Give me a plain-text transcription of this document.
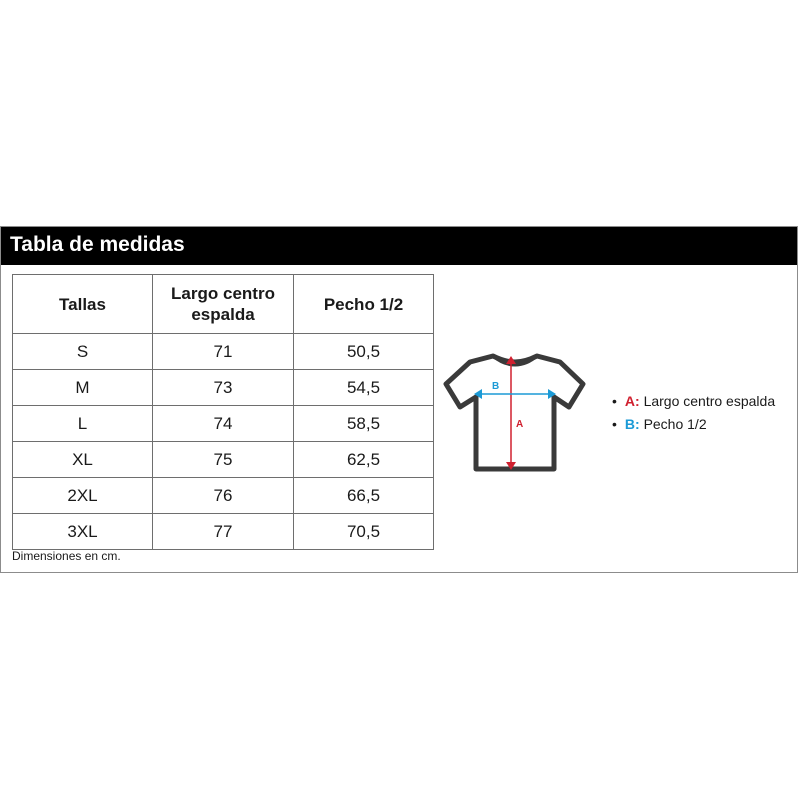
Tabla de medidas
Tallas	Largo centro espalda	Pecho 1/2
S	71	50,5
M	73	54,5
L	74	58,5
XL	75	62,5
2XL	76	66,5
3XL	77	70,5
Dimensiones en cm.
B
A
• A: Largo centro espalda
• B: Pecho 1/2
